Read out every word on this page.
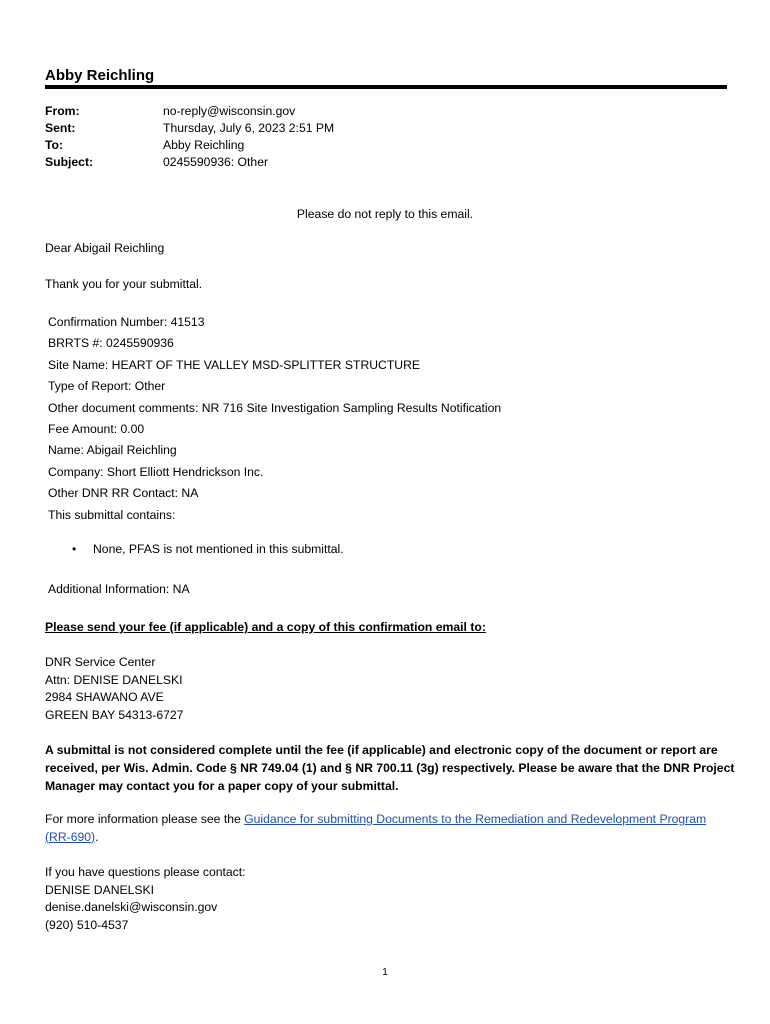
Abby Reichling
From:	no-reply@wisconsin.gov
Sent:	Thursday, July 6, 2023 2:51 PM
To:	Abby Reichling
Subject:	0245590936: Other
Please do not reply to this email.
Dear Abigail Reichling
Thank you for your submittal.
Confirmation Number: 41513
BRRTS #: 0245590936
Site Name: HEART OF THE VALLEY MSD-SPLITTER STRUCTURE
Type of Report: Other
Other document comments: NR 716 Site Investigation Sampling Results Notification
Fee Amount: 0.00
Name: Abigail Reichling
Company: Short Elliott Hendrickson Inc.
Other DNR RR Contact: NA
This submittal contains:
• None, PFAS is not mentioned in this submittal.
Additional Information: NA
Please send your fee (if applicable) and a copy of this confirmation email to:
DNR Service Center
Attn: DENISE DANELSKI
2984 SHAWANO AVE
GREEN BAY 54313-6727
A submittal is not considered complete until the fee (if applicable) and electronic copy of the document or report are received, per Wis. Admin. Code § NR 749.04 (1) and § NR 700.11 (3g) respectively. Please be aware that the DNR Project Manager may contact you for a paper copy of your submittal.
For more information please see the Guidance for submitting Documents to the Remediation and Redevelopment Program (RR-690).
If you have questions please contact:
DENISE DANELSKI
denise.danelski@wisconsin.gov
(920) 510-4537
1
